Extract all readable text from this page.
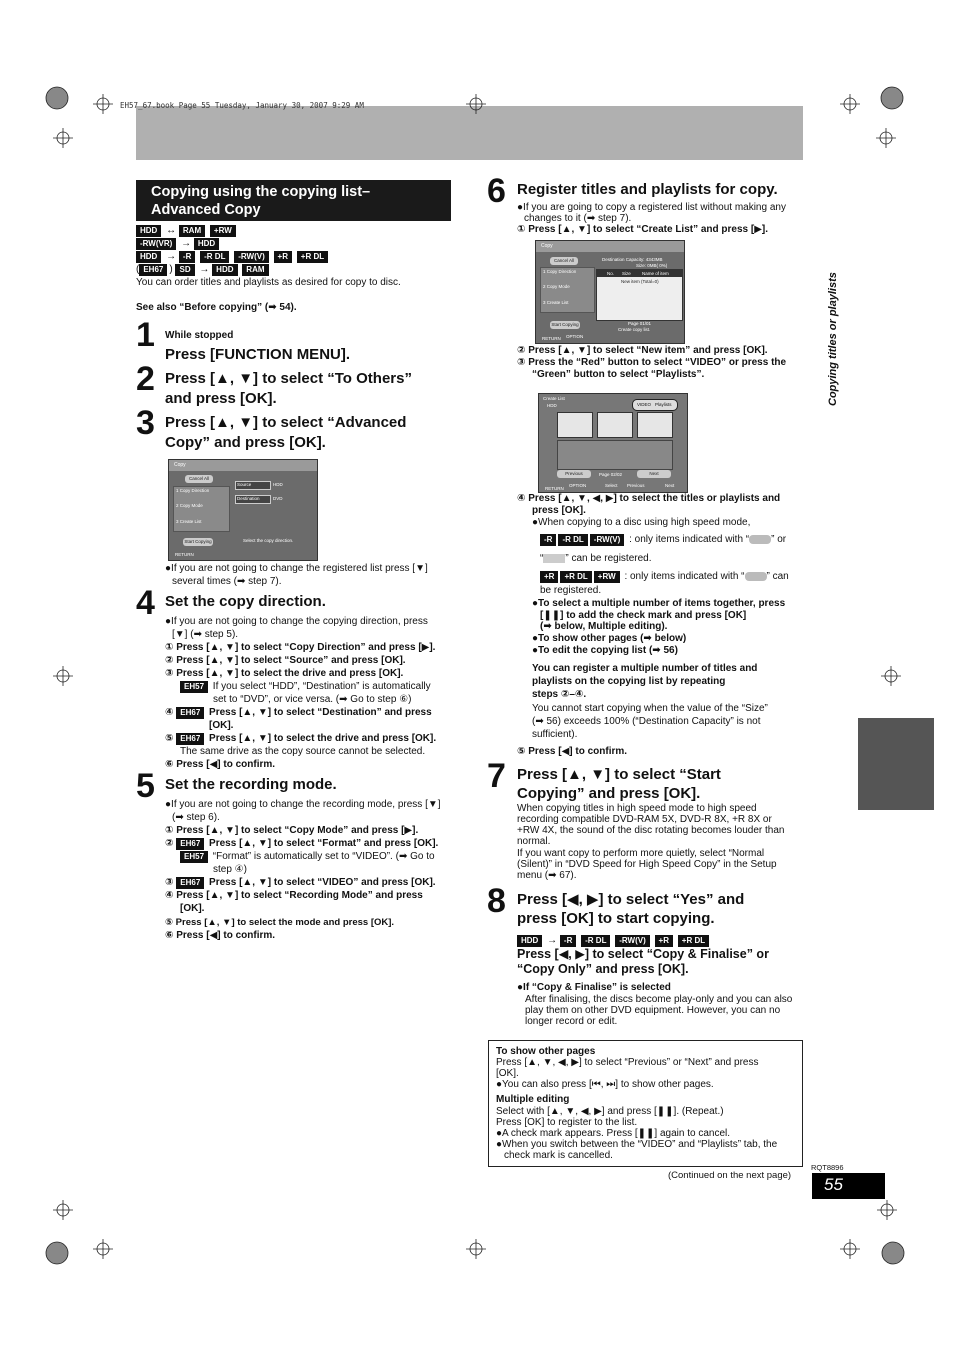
EH57_67.book Page 55 Tuesday, January 30, 2007 9:29 AM
Copying using the copying list–
Advanced Copy
HDD ↔ RAM +RW
-RW(VR) → HDD
HDD → -R -R DL -RW(V) +R +R DL
( EH67 ) SD → HDD RAM
You can order titles and playlists as desired for copy to disc.
See also “Before copying” (➡ 54).
1 While stopped
Press [FUNCTION MENU].
2 Press [▲, ▼] to select “To Others”
and press [OK].
3 Press [▲, ▼] to select “Advanced
Copy” and press [OK].
Copy
Cancel All
1 Copy Direction
2 Copy Mode
3 Create List
Source	HDD
Destination	DVD
Start Copying	Select the copy direction.
RETURN
●If you are not going to change the registered list press [▼]
several times (➡ step 7).
4 Set the copy direction.
●If you are not going to change the copying direction, press
[▼] (➡ step 5).
① Press [▲, ▼] to select “Copy Direction” and press [▶].
② Press [▲, ▼] to select “Source” and press [OK].
③ Press [▲, ▼] to select the drive and press [OK].
EH57 If you select “HDD”, “Destination” is automatically
set to “DVD”, or vice versa. (➡ Go to step ⑥)
④ EH67 Press [▲, ▼] to select “Destination” and press
[OK].
⑤ EH67 Press [▲, ▼] to select the drive and press [OK].
The same drive as the copy source cannot be selected.
⑥ Press [◀] to confirm.
5 Set the recording mode.
●If you are not going to change the recording mode, press [▼]
(➡ step 6).
① Press [▲, ▼] to select “Copy Mode” and press [▶].
② EH67 Press [▲, ▼] to select “Format” and press [OK].
EH57 “Format” is automatically set to “VIDEO”. (➡ Go to
step ④)
③ EH67 Press [▲, ▼] to select “VIDEO” and press [OK].
④ Press [▲, ▼] to select “Recording Mode” and press
[OK].
⑤ Press [▲, ▼] to select the mode and press [OK].
⑥ Press [◀] to confirm.
6 Register titles and playlists for copy.
●If you are going to copy a registered list without making any
changes to it (➡ step 7).
① Press [▲, ▼] to select “Create List” and press [▶].
Copy
Cancel All
1 Copy Direction
2 Copy Mode
3 Create List
Destination Capacity: 4343MB
Size: 0MB( 0%)
No. Size Name of item
New item (Total=0)
Page 01/01
Create copy list.
Start Copying
RETURN OPTION
② Press [▲, ▼] to select “New item” and press [OK].
③ Press the “Red” button to select “VIDEO” or press the
“Green” button to select “Playlists”.
Create List
HDD	VIDEO Playlists
Previous	Page 02/02	Next
RETURN
OPTION	Select Previous	Next
④ Press [▲, ▼, ◀, ▶] to select the titles or playlists and
press [OK].
●When copying to a disc using high speed mode,
-R -R DL -RW(V) : only items indicated with “ ” or
“ ” can be registered.
+R +R DL +RW : only items indicated with “ ” can
be registered.
●To select a multiple number of items together, press
[❚❚] to add the check mark and press [OK]
(➡ below, Multiple editing).
●To show other pages (➡ below)
●To edit the copying list (➡ 56)
You can register a multiple number of titles and
playlists on the copying list by repeating
steps ②–④.
You cannot start copying when the value of the “Size”
(➡ 56) exceeds 100% (“Destination Capacity” is not
sufficient).
⑤ Press [◀] to confirm.
7 Press [▲, ▼] to select “Start
Copying” and press [OK].
When copying titles in high speed mode to high speed
recording compatible DVD-RAM 5X, DVD-R 8X, +R 8X or
+RW 4X, the sound of the disc rotating becomes louder than
normal.
If you want copy to perform more quietly, select “Normal
(Silent)” in “DVD Speed for High Speed Copy” in the Setup
menu (➡ 67).
8 Press [◀, ▶] to select “Yes” and
press [OK] to start copying.
HDD → -R -R DL -RW(V) +R +R DL
Press [◀, ▶] to select “Copy & Finalise” or
“Copy Only” and press [OK].
●If “Copy & Finalise” is selected
After finalising, the discs become play-only and you can also
play them on other DVD equipment. However, you can no
longer record or edit.
To show other pages
Press [▲, ▼, ◀, ▶] to select “Previous” or “Next” and press
[OK].
●You can also press [⏮, ⏭] to show other pages.
Multiple editing
Select with [▲, ▼, ◀, ▶] and press [❚❚]. (Repeat.)
Press [OK] to register to the list.
●A check mark appears. Press [❚❚] again to cancel.
●When you switch between the “VIDEO” and “Playlists” tab, the
check mark is cancelled.
(Continued on the next page)
Copying titles or playlists
RQT8896
55
